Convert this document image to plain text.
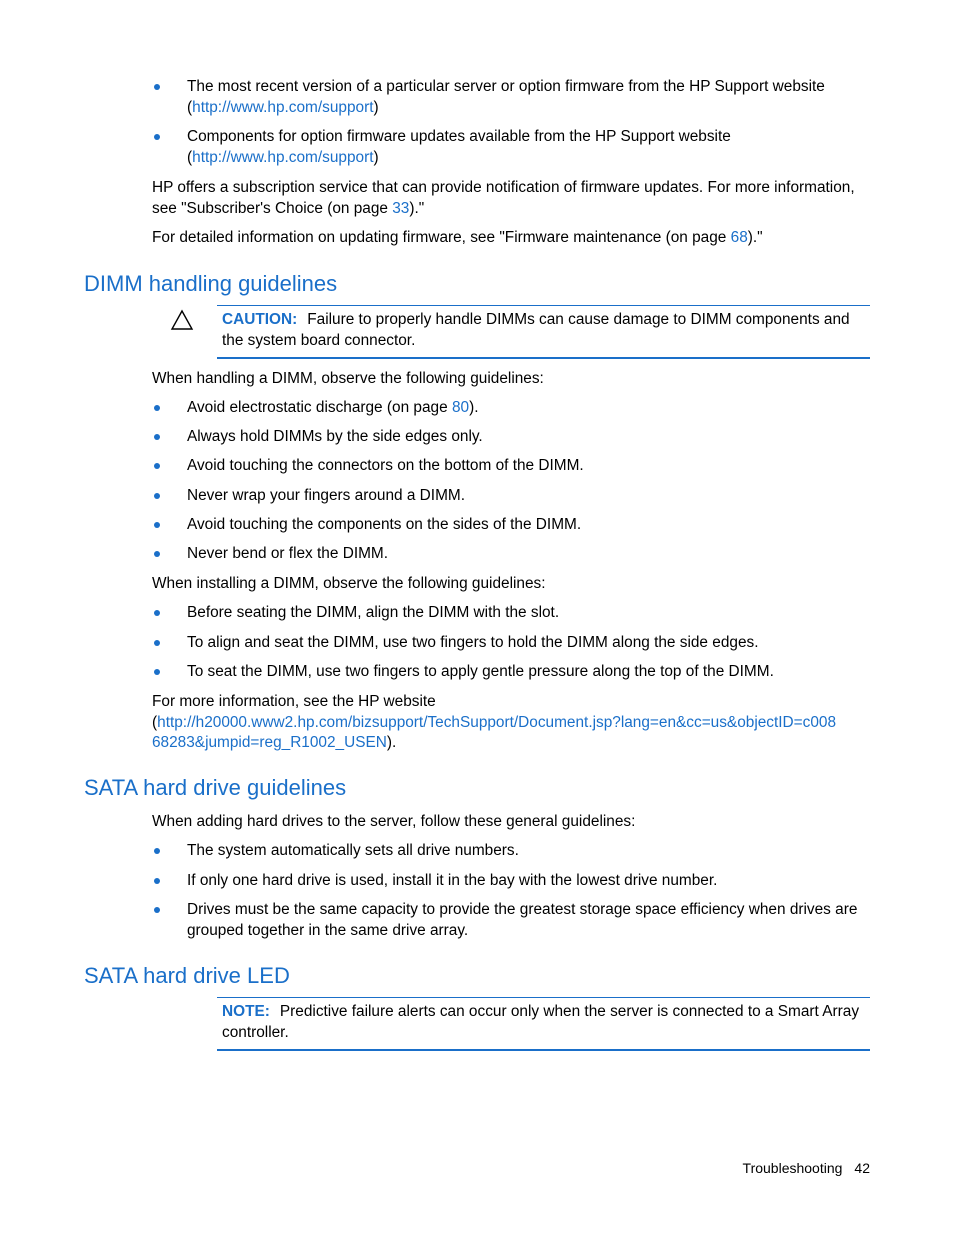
The most recent version of a particular server or option firmware from the HP Support website
(http://www.hp.com/support)
Components for option firmware updates available from the HP Support website
(http://www.hp.com/support)
HP offers a subscription service that can provide notification of firmware updates. For more information, see "Subscriber's Choice (on page 33)."
For detailed information on updating firmware, see "Firmware maintenance (on page 68)."
DIMM handling guidelines
CAUTION: Failure to properly handle DIMMs can cause damage to DIMM components and the system board connector.
When handling a DIMM, observe the following guidelines:
Avoid electrostatic discharge (on page 80).
Always hold DIMMs by the side edges only.
Avoid touching the connectors on the bottom of the DIMM.
Never wrap your fingers around a DIMM.
Avoid touching the components on the sides of the DIMM.
Never bend or flex the DIMM.
When installing a DIMM, observe the following guidelines:
Before seating the DIMM, align the DIMM with the slot.
To align and seat the DIMM, use two fingers to hold the DIMM along the side edges.
To seat the DIMM, use two fingers to apply gentle pressure along the top of the DIMM.
For more information, see the HP website
(http://h20000.www2.hp.com/bizsupport/TechSupport/Document.jsp?lang=en&cc=us&objectID=c008
68283&jumpid=reg_R1002_USEN).
SATA hard drive guidelines
When adding hard drives to the server, follow these general guidelines:
The system automatically sets all drive numbers.
If only one hard drive is used, install it in the bay with the lowest drive number.
Drives must be the same capacity to provide the greatest storage space efficiency when drives are grouped together in the same drive array.
SATA hard drive LED
NOTE: Predictive failure alerts can occur only when the server is connected to a Smart Array controller.
Troubleshooting 42
